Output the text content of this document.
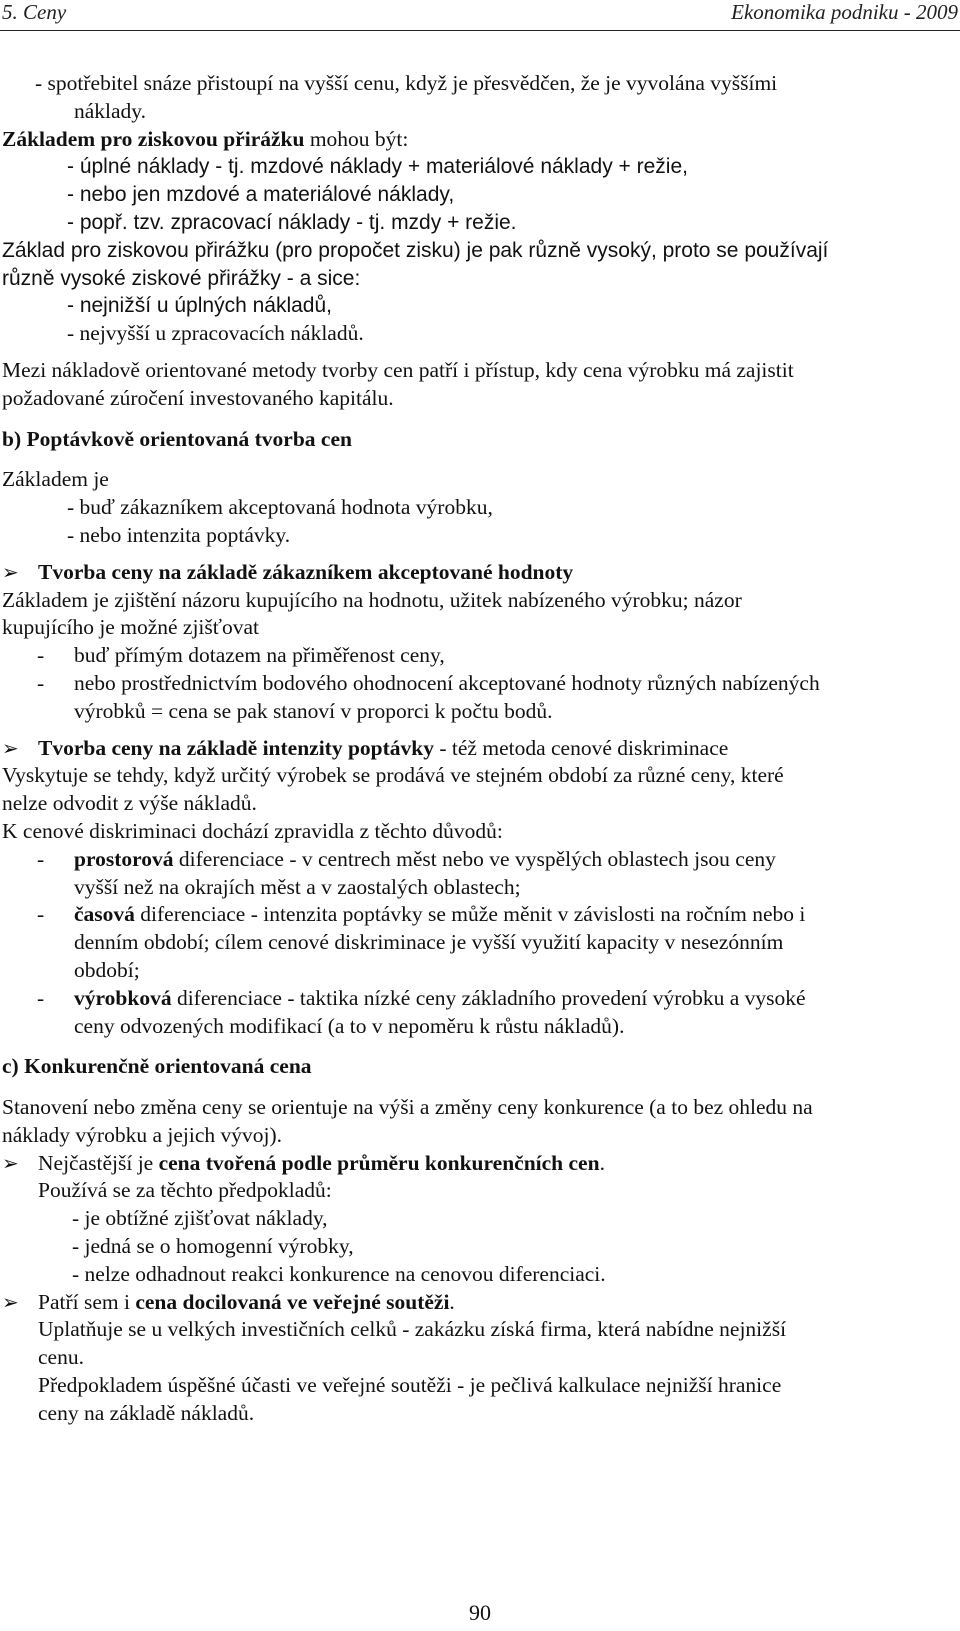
5. Ceny	Ekonomika podniku - 2009
- spotřebitel snáze přistoupí na vyšší cenu, když je přesvědčen, že je vyvolána vyššími
náklady.
Základem pro ziskovou přirážku mohou být:
- úplné náklady - tj. mzdové náklady + materiálové náklady + režie,
- nebo jen mzdové a materiálové náklady,
- popř. tzv. zpracovací náklady - tj. mzdy + režie.
Základ pro ziskovou přirážku (pro propočet zisku) je pak různě vysoký, proto se používají
různě vysoké ziskové přirážky - a sice:
- nejnižší u úplných nákladů,
- nejvyšší u zpracovacích nákladů.
Mezi nákladově orientované metody tvorby cen patří i přístup, kdy cena výrobku má zajistit
požadované zúročení investovaného kapitálu.
b) Poptávkově orientovaná tvorba cen
Základem je
- buď zákazníkem akceptovaná hodnota výrobku,
- nebo intenzita poptávky.
➢ Tvorba ceny na základě zákazníkem akceptované hodnoty
Základem je zjištění názoru kupujícího na hodnotu, užitek nabízeného výrobku; názor
kupujícího je možné zjišťovat
- buď přímým dotazem na přiměřenost ceny,
- nebo prostřednictvím bodového ohodnocení akceptované hodnoty různých nabízených
výrobků = cena se pak stanoví v proporci k počtu bodů.
➢ Tvorba ceny na základě intenzity poptávky - též metoda cenové diskriminace
Vyskytuje se tehdy, když určitý výrobek se prodává ve stejném období za různé ceny, které
nelze odvodit z výše nákladů.
K cenové diskriminaci dochází zpravidla z těchto důvodů:
- prostorová diferenciace - v centrech měst nebo ve vyspělých oblastech jsou ceny
vyšší než na okrajích měst a v zaostalých oblastech;
- časová diferenciace - intenzita poptávky se může měnit v závislosti na ročním nebo i
denním období; cílem cenové diskriminace je vyšší využití kapacity v nesezónním
období;
- výrobková diferenciace - taktika nízké ceny základního provedení výrobku a vysoké
ceny odvozených modifikací (a to v nepoměru k růstu nákladů).
c) Konkurenčně orientovaná cena
Stanovení nebo změna ceny se orientuje na výši a změny ceny konkurence (a to bez ohledu na
náklady výrobku a jejich vývoj).
➢ Nejčastější je cena tvořená podle průměru konkurenčních cen.
Používá se za těchto předpokladů:
- je obtížné zjišťovat náklady,
- jedná se o homogenní výrobky,
- nelze odhadnout reakci konkurence na cenovou diferenciaci.
➢ Patří sem i cena docilovaná ve veřejné soutěži.
Uplatňuje se u velkých investičních celků - zakázku získá firma, která nabídne nejnižší
cenu.
Předpokladem úspěšné účasti ve veřejné soutěži - je pečlivá kalkulace nejnižší hranice
ceny na základě nákladů.
90
